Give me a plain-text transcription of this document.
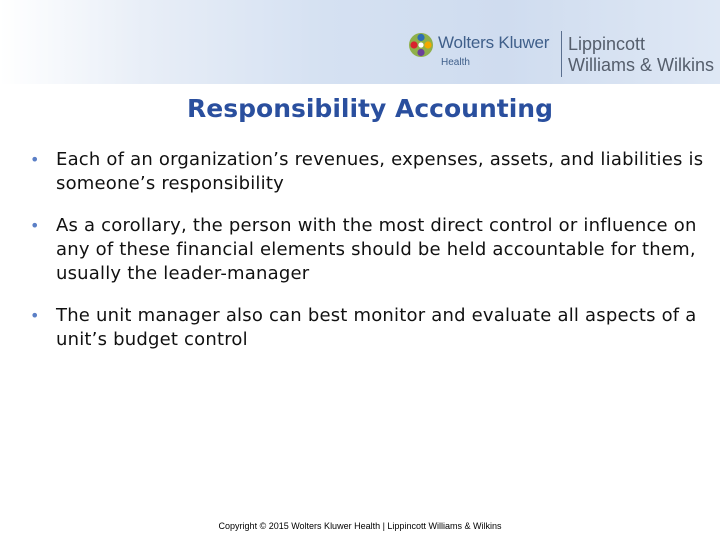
Wolters Kluwer
Health
Lippincott
Williams & Wilkins
Responsibility Accounting
• Each of an organization’s revenues, expenses, assets, and liabilities is someone’s responsibility
• As a corollary, the person with the most direct control or influence on any of these financial elements should be held accountable for them, usually the leader-manager
• The unit manager also can best monitor and evaluate all aspects of a unit’s budget control
Copyright © 2015 Wolters Kluwer Health | Lippincott Williams & Wilkins
